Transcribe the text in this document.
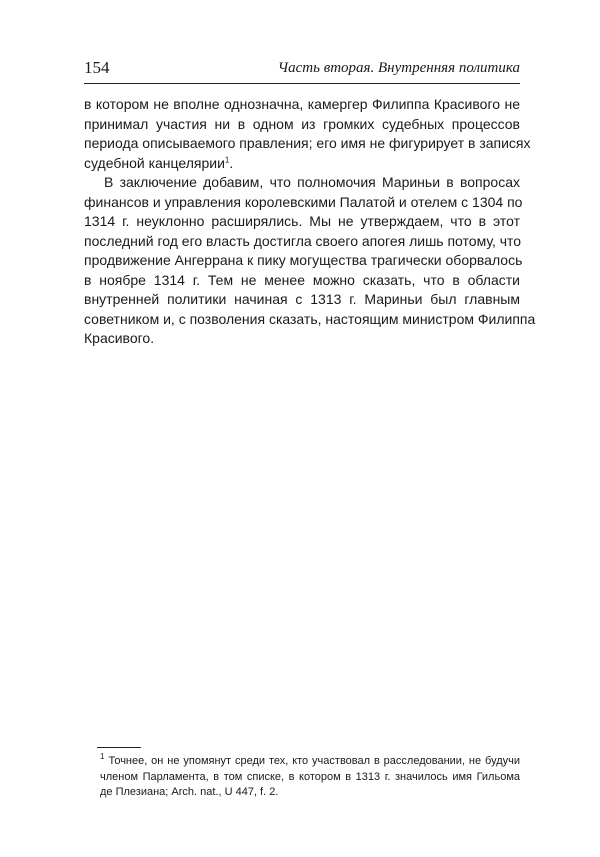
154	Часть вторая. Внутренняя политика
в котором не вполне однозначна, камергер Филиппа Красивого не
принимал участия ни в одном из громких судебных процессов
периода описываемого правления; его имя не фигурирует в записях
судебной канцелярии$^1$.
В заключение добавим, что полномочия Мариньи в вопросах
финансов и управления королевскими Палатой и отелем с 1304 по
1314 г. неуклонно расширялись. Мы не утверждаем, что в этот
последний год его власть достигла своего апогея лишь потому, что
продвижение Ангеррана к пику могущества трагически оборвалось
в ноябре 1314 г. Тем не менее можно сказать, что в области
внутренней политики начиная с 1313 г. Мариньи был главным
советником и, с позволения сказать, настоящим министром Филиппа
Красивого.
$^1$ Точнее, он не упомянут среди тех, кто участвовал в расследовании, не будучи
членом Парламента, в том списке, в котором в 1313 г. значилось имя Гильома
де Плезиана; Arch. nat., U 447, f. 2.
